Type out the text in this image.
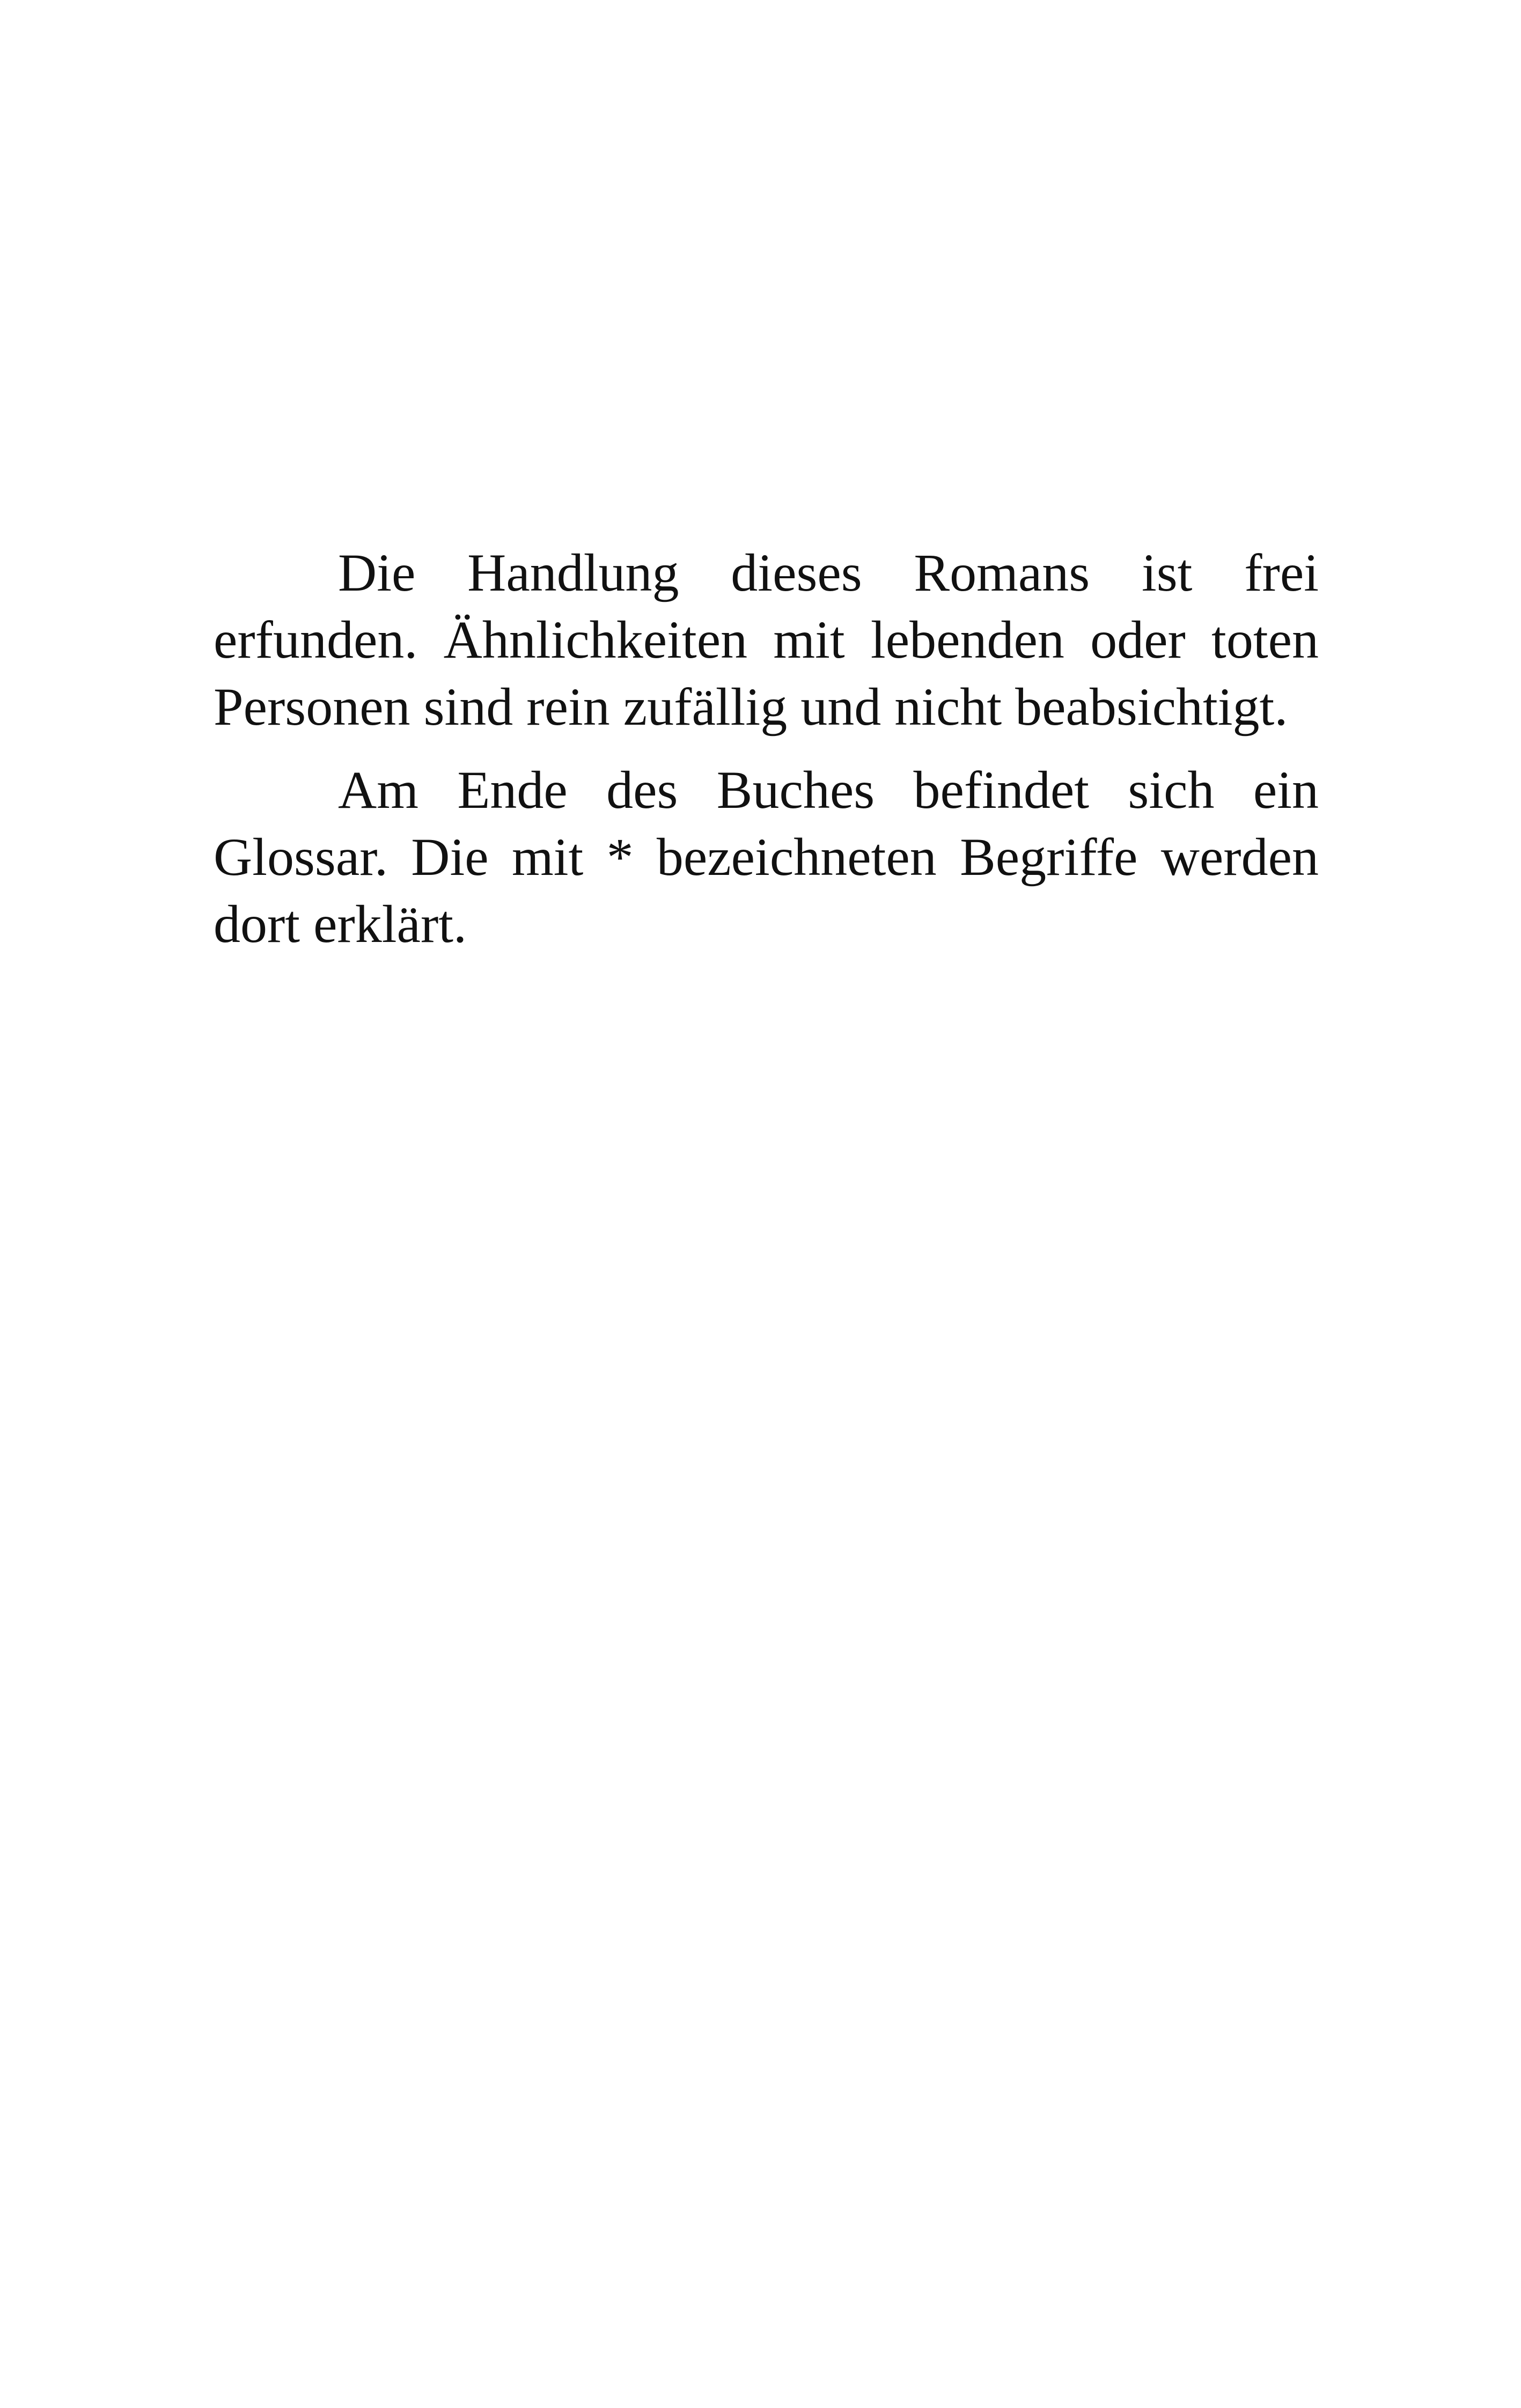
Die Handlung dieses Romans ist frei erfunden. Ähnlichkeiten mit lebenden oder toten Personen sind rein zufällig und nicht beabsichtigt.

Am Ende des Buches befindet sich ein Glossar. Die mit * bezeichneten Begriffe werden dort erklärt.
